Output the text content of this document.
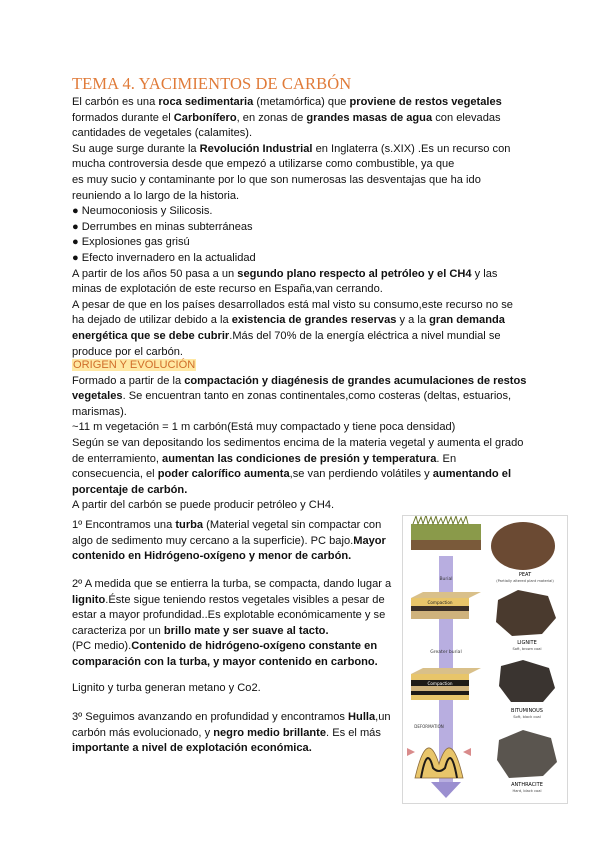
TEMA 4. YACIMIENTOS DE CARBÓN
El carbón es una roca sedimentaria (metamórfica) que proviene de restos vegetales
formados durante el Carbonífero, en zonas de grandes masas de agua con elevadas
cantidades de vegetales (calamites).
Su auge surge durante la Revolución Industrial en Inglaterra (s.XIX) .Es un recurso con
mucha controversia desde que empezó a utilizarse como combustible, ya que
es muy sucio y contaminante por lo que son numerosas las desventajas que ha ido
reuniendo a lo largo de la historia.
● Neumoconiosis y Silicosis.
● Derrumbes en minas subterráneas
● Explosiones gas grisú
● Efecto invernadero en la actualidad
A partir de los años 50 pasa a un segundo plano respecto al petróleo y el CH4 y las
minas de explotación de este recurso en España,van cerrando.
A pesar de que en los países desarrollados está mal visto su consumo,este recurso no se
ha dejado de utilizar debido a la existencia de grandes reservas y a la gran demanda
energética que se debe cubrir.Más del 70% de la energía eléctrica a nivel mundial se
produce por el carbón.
ORIGEN Y EVOLUCIÓN
Formado a partir de la compactación y diagénesis de grandes acumulaciones de restos
vegetales. Se encuentran tanto en zonas continentales,como costeras (deltas, estuarios,
marismas).
~11 m vegetación = 1 m carbón(Está muy compactado y tiene poca densidad)
Según se van depositando los sedimentos encima de la materia vegetal y aumenta el grado
de enterramiento, aumentan las condiciones de presión y temperatura. En
consecuencia, el poder calorífico aumenta,se van perdiendo volátiles y aumentando el
porcentaje de carbón.
A partir del carbón se puede producir petróleo y CH4.
1º Encontramos una turba (Material vegetal sin compactar con
algo de sedimento muy cercano a la superficie). PC bajo.Mayor
contenido en Hidrógeno-oxígeno y menor de carbón.
2º A medida que se entierra la turba, se compacta, dando lugar a
lignito.Éste sigue teniendo restos vegetales visibles a pesar de
estar a mayor profundidad..Es explotable económicamente y se
caracteriza por un brillo mate y ser suave al tacto.
(PC medio).Contenido de hidrógeno-oxígeno constante en
comparación con la turba, y mayor contenido en carbono.
Lignito y turba generan metano y Co2.
3º Seguimos avanzando en profundidad y encontramos Hulla,un
carbón más evolucionado, y negro medio brillante. Es el más
importante a nivel de explotación económica.
PEAT
(Partially altered plant material)
Burial
Compaction
LIGNITE
Soft, brown coal
Greater burial
Compaction
BITUMINOUS
Soft, black coal
DEFORMATION
ANTHRACITE
Hard, black coal
